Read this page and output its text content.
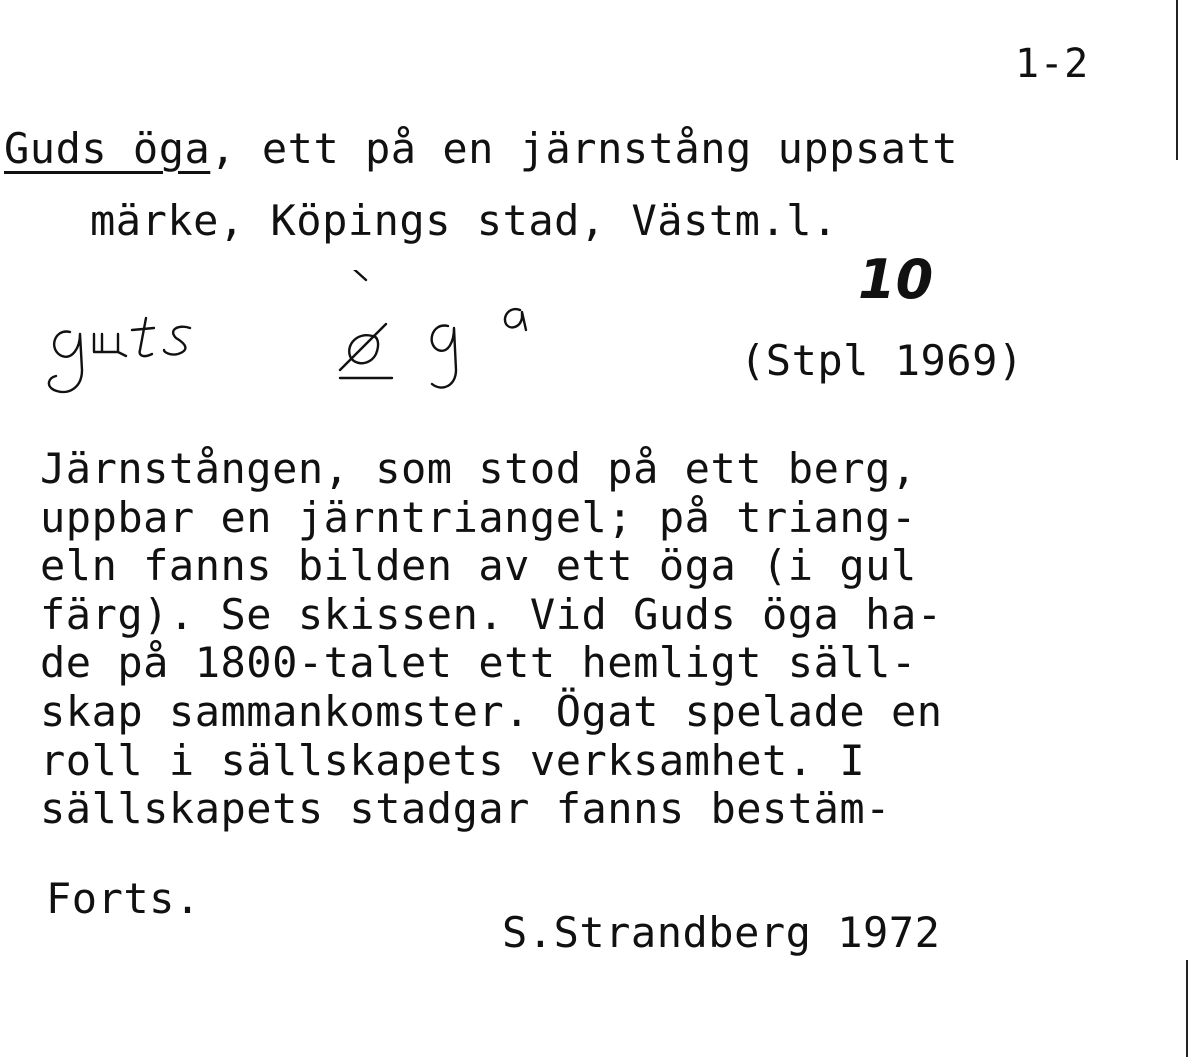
1-2
Guds öga, ett på en järnstång uppsatt
märke, Köpings stad, Västm.l.
10
(Stpl 1969)
Järnstången, som stod på ett berg,
uppbar en järntriangel; på triang-
eln fanns bilden av ett öga (i gul
färg). Se skissen. Vid Guds öga ha-
de på 1800-talet ett hemligt säll-
skap sammankomster. Ögat spelade en
roll i sällskapets verksamhet. I
sällskapets stadgar fanns bestäm-
Forts.
S.Strandberg 1972
